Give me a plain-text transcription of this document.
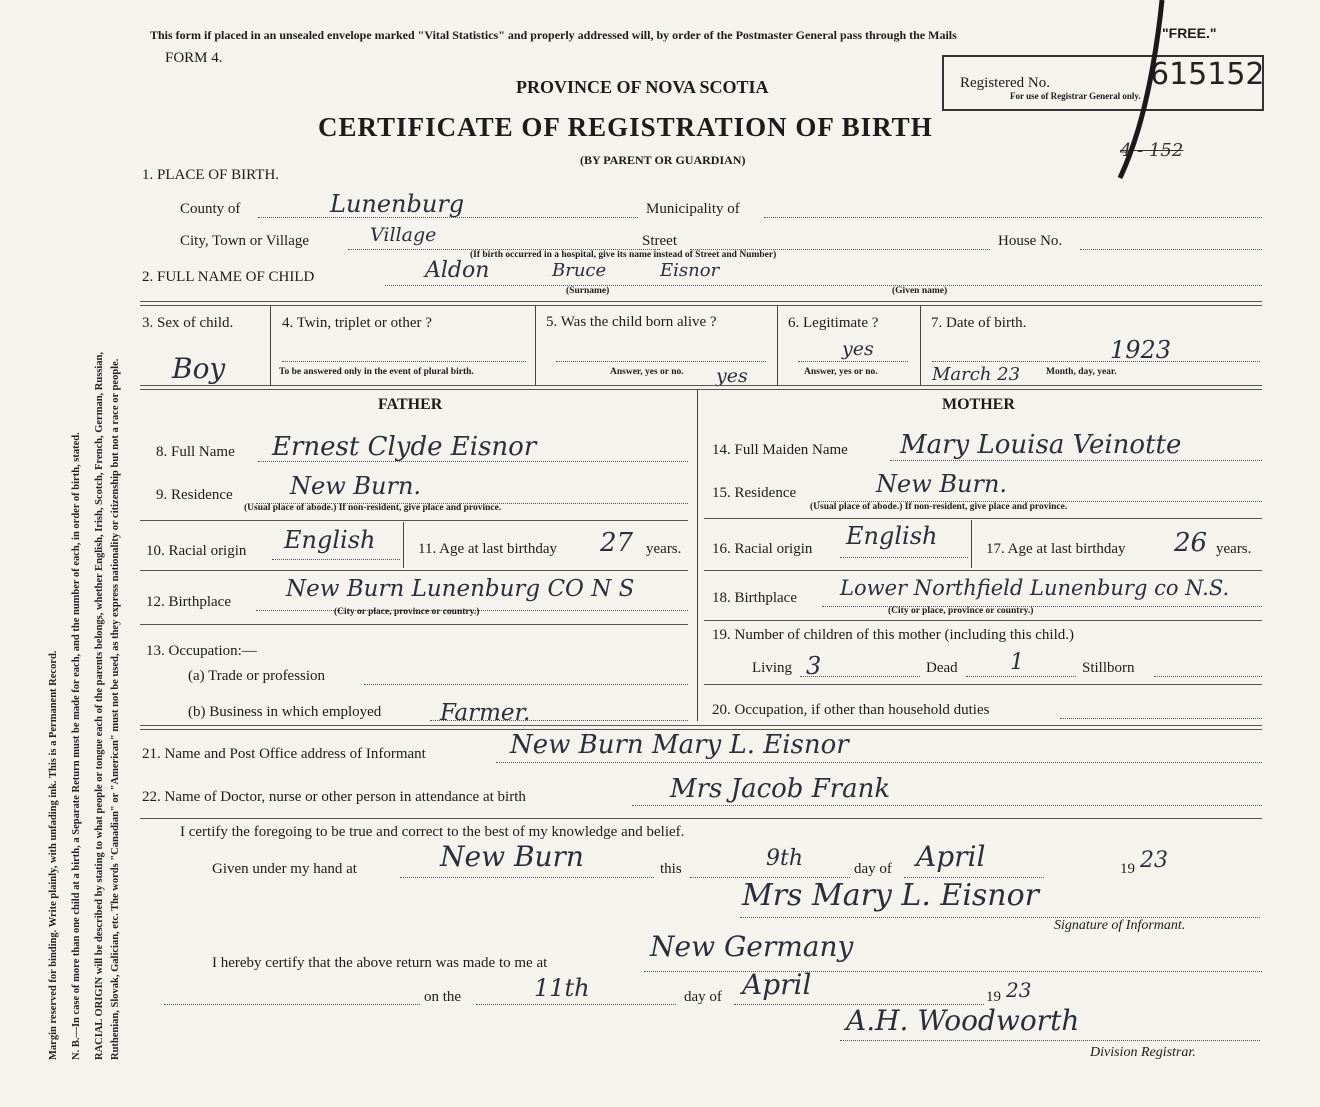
Margin reserved for binding. Write plainly, with unfading ink. This is a Permanent Record. N. B.—In case of more than one child at a birth, a Separate Return must be made for each, and the number of each, in order of birth, stated. RACIAL ORIGIN will be described by stating to what people or tongue each of the parents belongs, whether English, Irish, Scotch, French, German, Russian, Ruthenian, Slovak, Galician, etc. The words "Canadian" or "American" must not be used, as they express nationality or citizenship but not a race or people.
This form if placed in an unsealed envelope marked "Vital Statistics" and properly addressed will, by order of the Postmaster General pass through the Mails	"FREE."
FORM 4.
PROVINCE OF NOVA SCOTIA
CERTIFICATE OF REGISTRATION OF BIRTH
(BY PARENT OR GUARDIAN)
Registered No.
For use of Registrar General only.
615152
4 - 152
1. PLACE OF BIRTH.
County of	Lunenburg	Municipality of
City, Town or Village	Village	Street	House No.
(If birth occurred in a hospital, give its name instead of Street and Number)
2. FULL NAME OF CHILD	Aldon	Bruce	Eisnor
(Surname)	(Given name)
3. Sex of child.
Boy
4. Twin, triplet or other ?
To be answered only in the event of plural birth.
5. Was the child born alive ?
Answer, yes or no. yes
6. Legitimate ?
Answer, yes or no.
yes
7. Date of birth.
March 23	Month, day, year.
1923
FATHER	MOTHER
8. Full Name Ernest Clyde Eisnor
9. Residence New Burn.
(Usual place of abode.) If non-resident, give place and province.
10. Racial origin English	11. Age at last birthday 27 years.
12. Birthplace New Burn Lunenburg CO N S
(City or place, province or country.)
13. Occupation:—
(a) Trade or profession
(b) Business in which employed	Farmer.
14. Full Maiden Name Mary Louisa Veinotte
15. Residence	New Burn.
(Usual place of abode.) If non-resident, give place and province.
16. Racial origin English	17. Age at last birthday 26 years.
18. Birthplace Lower Northfield Lunenburg co N.S.
(City or place, province or country.)
19. Number of children of this mother (including this child.)
Living 3	Dead 1	Stillborn
20. Occupation, if other than household duties
21. Name and Post Office address of Informant	New Burn Mary L. Eisnor
22. Name of Doctor, nurse or other person in attendance at birth	Mrs Jacob Frank
I certify the foregoing to be true and correct to the best of my knowledge and belief.
Given under my hand at	New Burn	this	9th	day of April	19 23
Mrs Mary L. Eisnor
Signature of Informant.
I hereby certify that the above return was made to me at	New Germany
on the	11th	day of April	19 23
A.H. Woodworth
Division Registrar.
